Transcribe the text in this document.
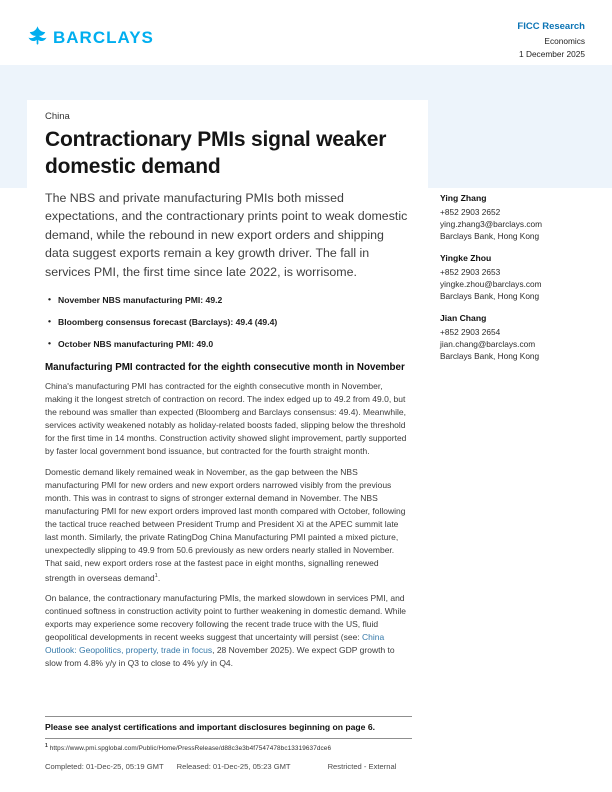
BARCLAYS
FICC Research
Economics
1 December 2025
China
Contractionary PMIs signal weaker domestic demand
The NBS and private manufacturing PMIs both missed expectations, and the contractionary prints point to weak domestic demand, while the rebound in new export orders and shipping data suggest exports remain a key growth driver. The fall in services PMI, the first time since late 2022, is worrisome.
• November NBS manufacturing PMI: 49.2
• Bloomberg consensus forecast (Barclays): 49.4 (49.4)
• October NBS manufacturing PMI: 49.0
Manufacturing PMI contracted for the eighth consecutive month in November

China's manufacturing PMI has contracted for the eighth consecutive month in November, making it the longest stretch of contraction on record. The index edged up to 49.2 from 49.0, but the rebound was smaller than expected (Bloomberg and Barclays consensus: 49.4). Meanwhile, services activity weakened notably as holiday-related boosts faded, slipping below the threshold for the first time in 14 months. Construction activity showed slight improvement, partly supported by faster local government bond issuance, but contracted for the fourth straight month.

Domestic demand likely remained weak in November, as the gap between the NBS manufacturing PMI for new orders and new export orders narrowed visibly from the previous month. This was in contrast to signs of stronger external demand in November. The NBS manufacturing PMI for new export orders improved last month compared with October, following the tactical truce reached between President Trump and President Xi at the APEC summit late last month. Similarly, the private RatingDog China Manufacturing PMI painted a mixed picture, unexpectedly slipping to 49.9 from 50.6 previously as new orders nearly stalled in November. That said, new export orders rose at the fastest pace in eight months, signalling renewed strength in overseas demand$^1$.

On balance, the contractionary manufacturing PMIs, the marked slowdown in services PMI, and continued softness in construction activity point to further weakening in domestic demand. While exports may experience some recovery following the recent trade truce with the US, fluid geopolitical developments in recent weeks suggest that uncertainty will persist (see: China Outlook: Geopolitics, property, trade in focus, 28 November 2025). We expect GDP growth to slow from 4.8% y/y in Q3 to close to 4% y/y in Q4.

Please see analyst certifications and important disclosures beginning on page 6.
$^1$ https://www.pmi.spglobal.com/Public/Home/PressRelease/d88c3e3b4f7547478bc13319637dce6
Completed: 01-Dec-25, 05:19 GMT Released: 01-Dec-25, 05:23 GMT	Restricted - External
Ying Zhang
+852 2903 2652
ying.zhang3@barclays.com
Barclays Bank, Hong Kong
Yingke Zhou
+852 2903 2653
yingke.zhou@barclays.com
Barclays Bank, Hong Kong
Jian Chang
+852 2903 2654
jian.chang@barclays.com
Barclays Bank, Hong Kong
